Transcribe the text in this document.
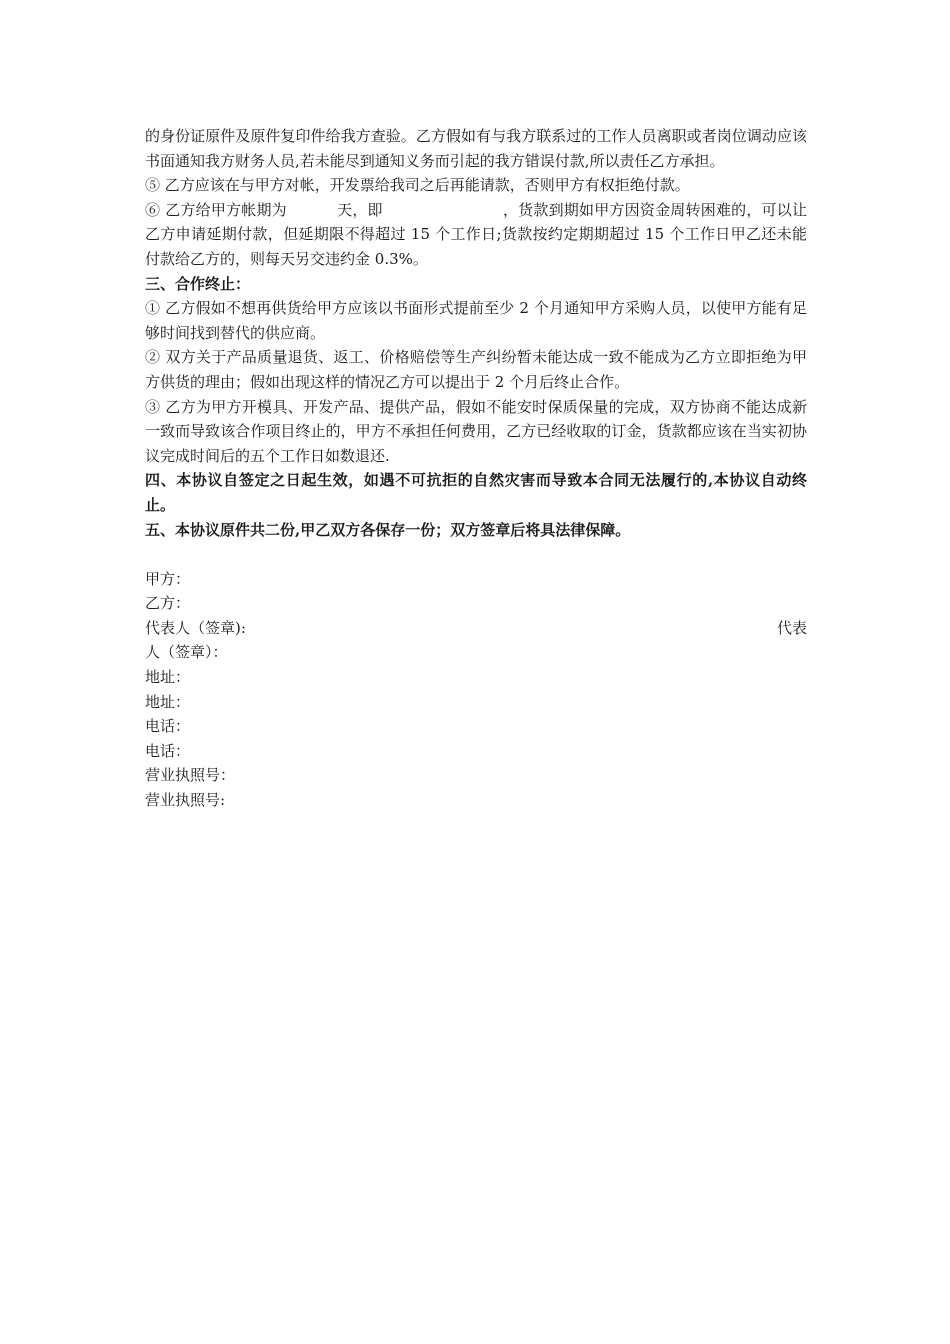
的身份证原件及原件复印件给我方查验。乙方假如有与我方联系过的工作人员离职或者岗位调动应该书面通知我方财务人员,若未能尽到通知义务而引起的我方错误付款,所以责任乙方承担。

⑤ 乙方应该在与甲方对帐，开发票给我司之后再能请款，否则甲方有权拒绝付款。

⑥ 乙方给甲方帐期为	天，即	，货款到期如甲方因资金周转困难的，可以让乙方申请延期付款，但延期限不得超过 15 个工作日;货款按约定期期超过 15 个工作日甲乙还未能付款给乙方的，则每天另交违约金 0.3%。

三、合作终止：

① 乙方假如不想再供货给甲方应该以书面形式提前至少 2 个月通知甲方采购人员，以使甲方能有足够时间找到替代的供应商。

② 双方关于产品质量退货、返工、价格赔偿等生产纠纷暂未能达成一致不能成为乙方立即拒绝为甲方供货的理由；假如出现这样的情况乙方可以提出于 2 个月后终止合作。

③ 乙方为甲方开模具、开发产品、提供产品，假如不能安时保质保量的完成，双方协商不能达成新一致而导致该合作项目终止的，甲方不承担任何费用，乙方已经收取的订金，货款都应该在当实初协议完成时间后的五个工作日如数退还.

四、本协议自签定之日起生效，如遇不可抗拒的自然灾害而导致本合同无法履行的,本协议自动终止。

五、本协议原件共二份,甲乙双方各保存一份；双方签章后将具法律保障。

甲方：

乙方：

代表人（签章):	代表

人（签章）：

地址：

地址：

电话：

电话：

营业执照号：

营业执照号:
